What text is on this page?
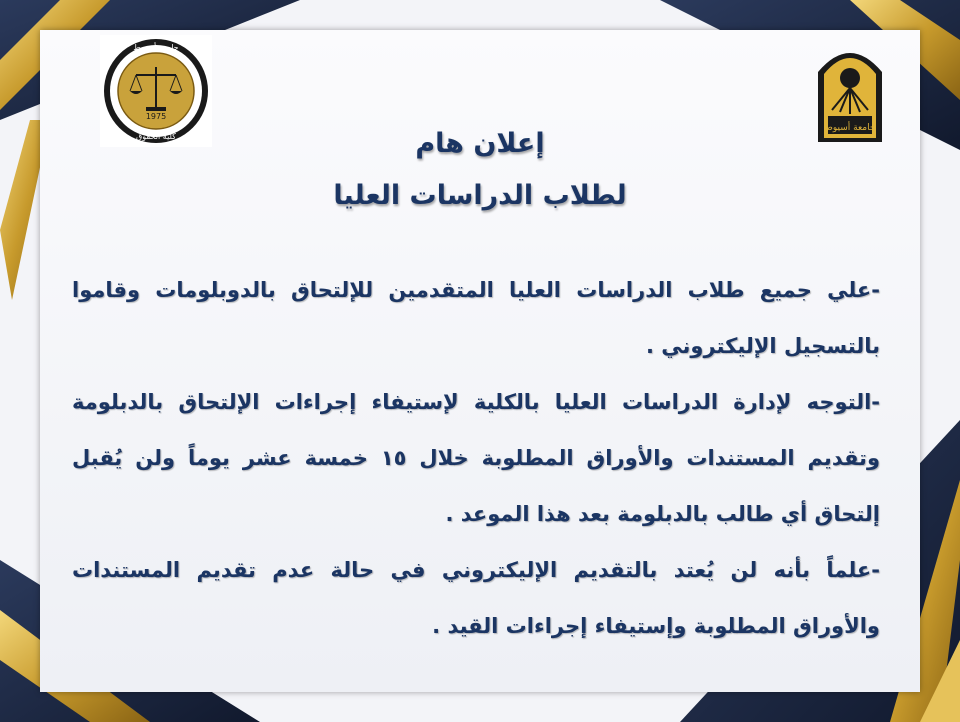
1975
جامعة أسيوط
كلية الحقوق
جامعة أسيوط
إعلان هام
لطلاب الدراسات العليا

-علي جميع طلاب الدراسات العليا المتقدمين للإلتحاق بالدوبلومات وقاموا بالتسجيل الإليكتروني .

-التوجه لإدارة الدراسات العليا بالكلية لإستيفاء إجراءات الإلتحاق بالدبلومة وتقديم المستندات والأوراق المطلوبة خلال ١٥ خمسة عشر يوماً ولن يُقبل إلتحاق أي طالب بالدبلومة بعد هذا الموعد .

-علماً بأنه لن يُعتد بالتقديم الإليكتروني في حالة عدم تقديم المستندات والأوراق المطلوبة وإستيفاء إجراءات القيد .
